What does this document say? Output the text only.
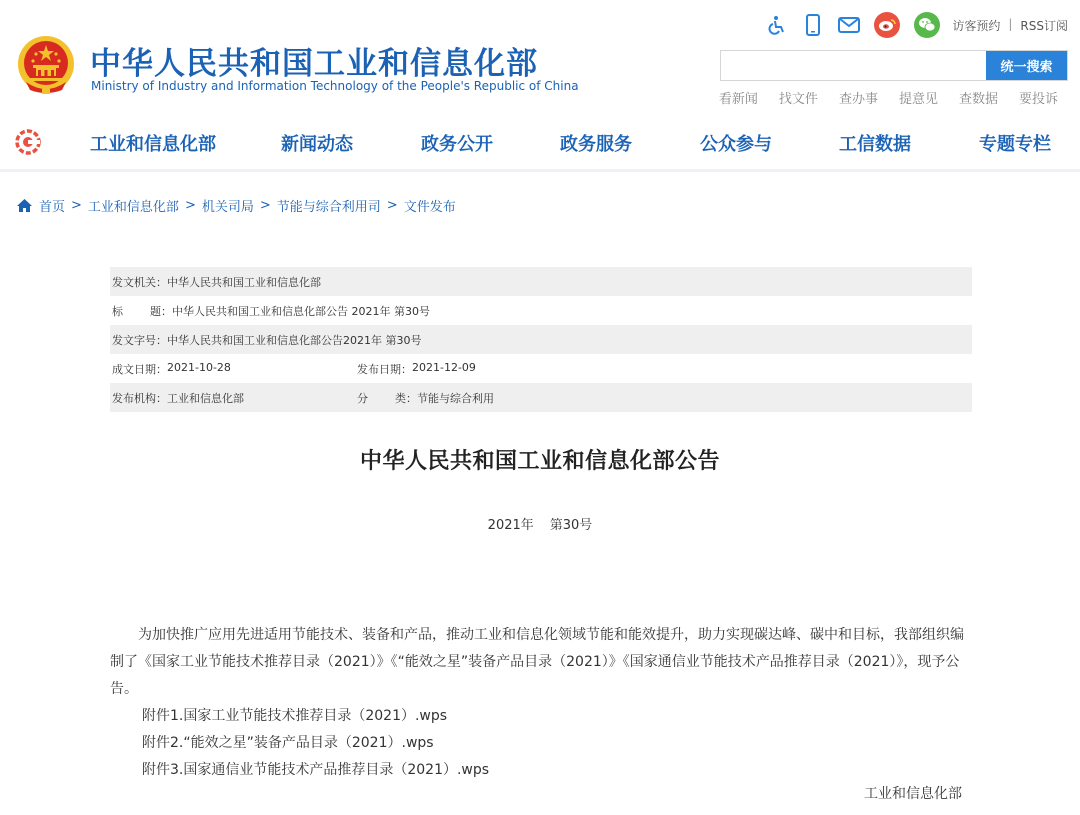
中华人民共和国工业和信息化部
Ministry of Industry and Information Technology of the People's Republic of China
访客预约 | RSS订阅
统一搜索
看新闻 找文件 查办事 提意见 查数据 要投诉
工业和信息化部	新闻动态	政务公开	政务服务	公众参与	工信数据	专题专栏
首页 > 工业和信息化部 > 机关司局 > 节能与综合利用司 > 文件发布
发文机关： 中华人民共和国工业和信息化部
标 题： 中华人民共和国工业和信息化部公告 2021年 第30号
发文字号： 中华人民共和国工业和信息化部公告2021年 第30号
成文日期： 2021-10-28	发布日期： 2021-12-09
发布机构： 工业和信息化部	分 类： 节能与综合利用
中华人民共和国工业和信息化部公告
2021年 第30号

为加快推广应用先进适用节能技术、装备和产品，推动工业和信息化领域节能和能效提升，助力实现碳达峰、碳中和目标，我部组织编制了《国家工业节能技术推荐目录（2021）》《“能效之星”装备产品目录（2021）》《国家通信业节能技术产品推荐目录（2021）》，现予公告。

附件1.国家工业节能技术推荐目录（2021）.wps
附件2.“能效之星”装备产品目录（2021）.wps
附件3.国家通信业节能技术产品推荐目录（2021）.wps
工业和信息化部
